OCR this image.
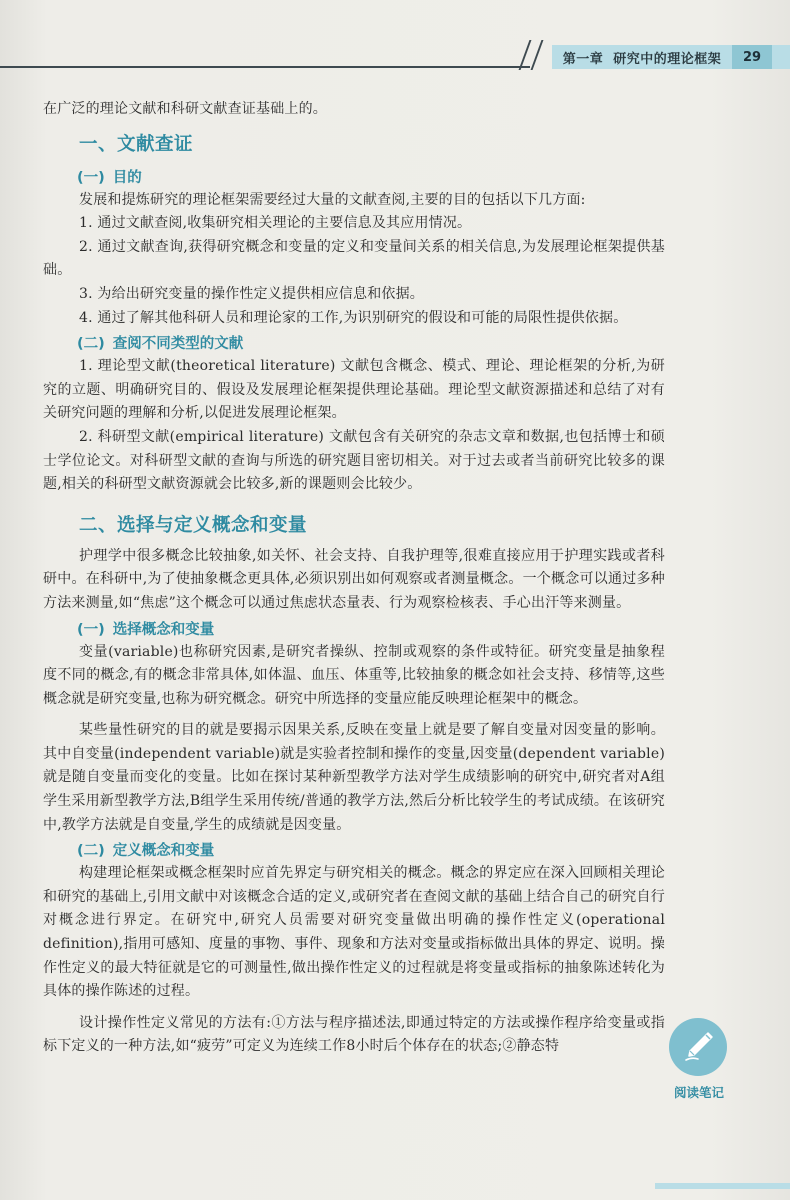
第一章 研究中的理论框架	29

在广泛的理论文献和科研文献查证基础上的。

一、文献查证
(一) 目的

发展和提炼研究的理论框架需要经过大量的文献查阅,主要的目的包括以下几方面:

1. 通过文献查阅,收集研究相关理论的主要信息及其应用情况。

2. 通过文献查询,获得研究概念和变量的定义和变量间关系的相关信息,为发展理论框架提供基础。

3. 为给出研究变量的操作性定义提供相应信息和依据。

4. 通过了解其他科研人员和理论家的工作,为识别研究的假设和可能的局限性提供依据。

(二) 查阅不同类型的文献

1. 理论型文献(theoretical literature) 文献包含概念、模式、理论、理论框架的分析,为研究的立题、明确研究目的、假设及发展理论框架提供理论基础。理论型文献资源描述和总结了对有关研究问题的理解和分析,以促进发展理论框架。

2. 科研型文献(empirical literature) 文献包含有关研究的杂志文章和数据,也包括博士和硕士学位论文。对科研型文献的查询与所选的研究题目密切相关。对于过去或者当前研究比较多的课题,相关的科研型文献资源就会比较多,新的课题则会比较少。

二、选择与定义概念和变量

护理学中很多概念比较抽象,如关怀、社会支持、自我护理等,很难直接应用于护理实践或者科研中。在科研中,为了使抽象概念更具体,必须识别出如何观察或者测量概念。一个概念可以通过多种方法来测量,如“焦虑”这个概念可以通过焦虑状态量表、行为观察检核表、手心出汗等来测量。

(一) 选择概念和变量

变量(variable)也称研究因素,是研究者操纵、控制或观察的条件或特征。研究变量是抽象程度不同的概念,有的概念非常具体,如体温、血压、体重等,比较抽象的概念如社会支持、移情等,这些概念就是研究变量,也称为研究概念。研究中所选择的变量应能反映理论框架中的概念。

某些量性研究的目的就是要揭示因果关系,反映在变量上就是要了解自变量对因变量的影响。其中自变量(independent variable)就是实验者控制和操作的变量,因变量(dependent variable)就是随自变量而变化的变量。比如在探讨某种新型教学方法对学生成绩影响的研究中,研究者对A组学生采用新型教学方法,B组学生采用传统/普通的教学方法,然后分析比较学生的考试成绩。在该研究中,教学方法就是自变量,学生的成绩就是因变量。

(二) 定义概念和变量

构建理论框架或概念框架时应首先界定与研究相关的概念。概念的界定应在深入回顾相关理论和研究的基础上,引用文献中对该概念合适的定义,或研究者在查阅文献的基础上结合自己的研究自行对概念进行界定。在研究中,研究人员需要对研究变量做出明确的操作性定义(operational definition),指用可感知、度量的事物、事件、现象和方法对变量或指标做出具体的界定、说明。操作性定义的最大特征就是它的可测量性,做出操作性定义的过程就是将变量或指标的抽象陈述转化为具体的操作陈述的过程。

设计操作性定义常见的方法有:①方法与程序描述法,即通过特定的方法或操作程序给变量或指标下定义的一种方法,如“疲劳”可定义为连续工作8小时后个体存在的状态;②静态特

阅读笔记
